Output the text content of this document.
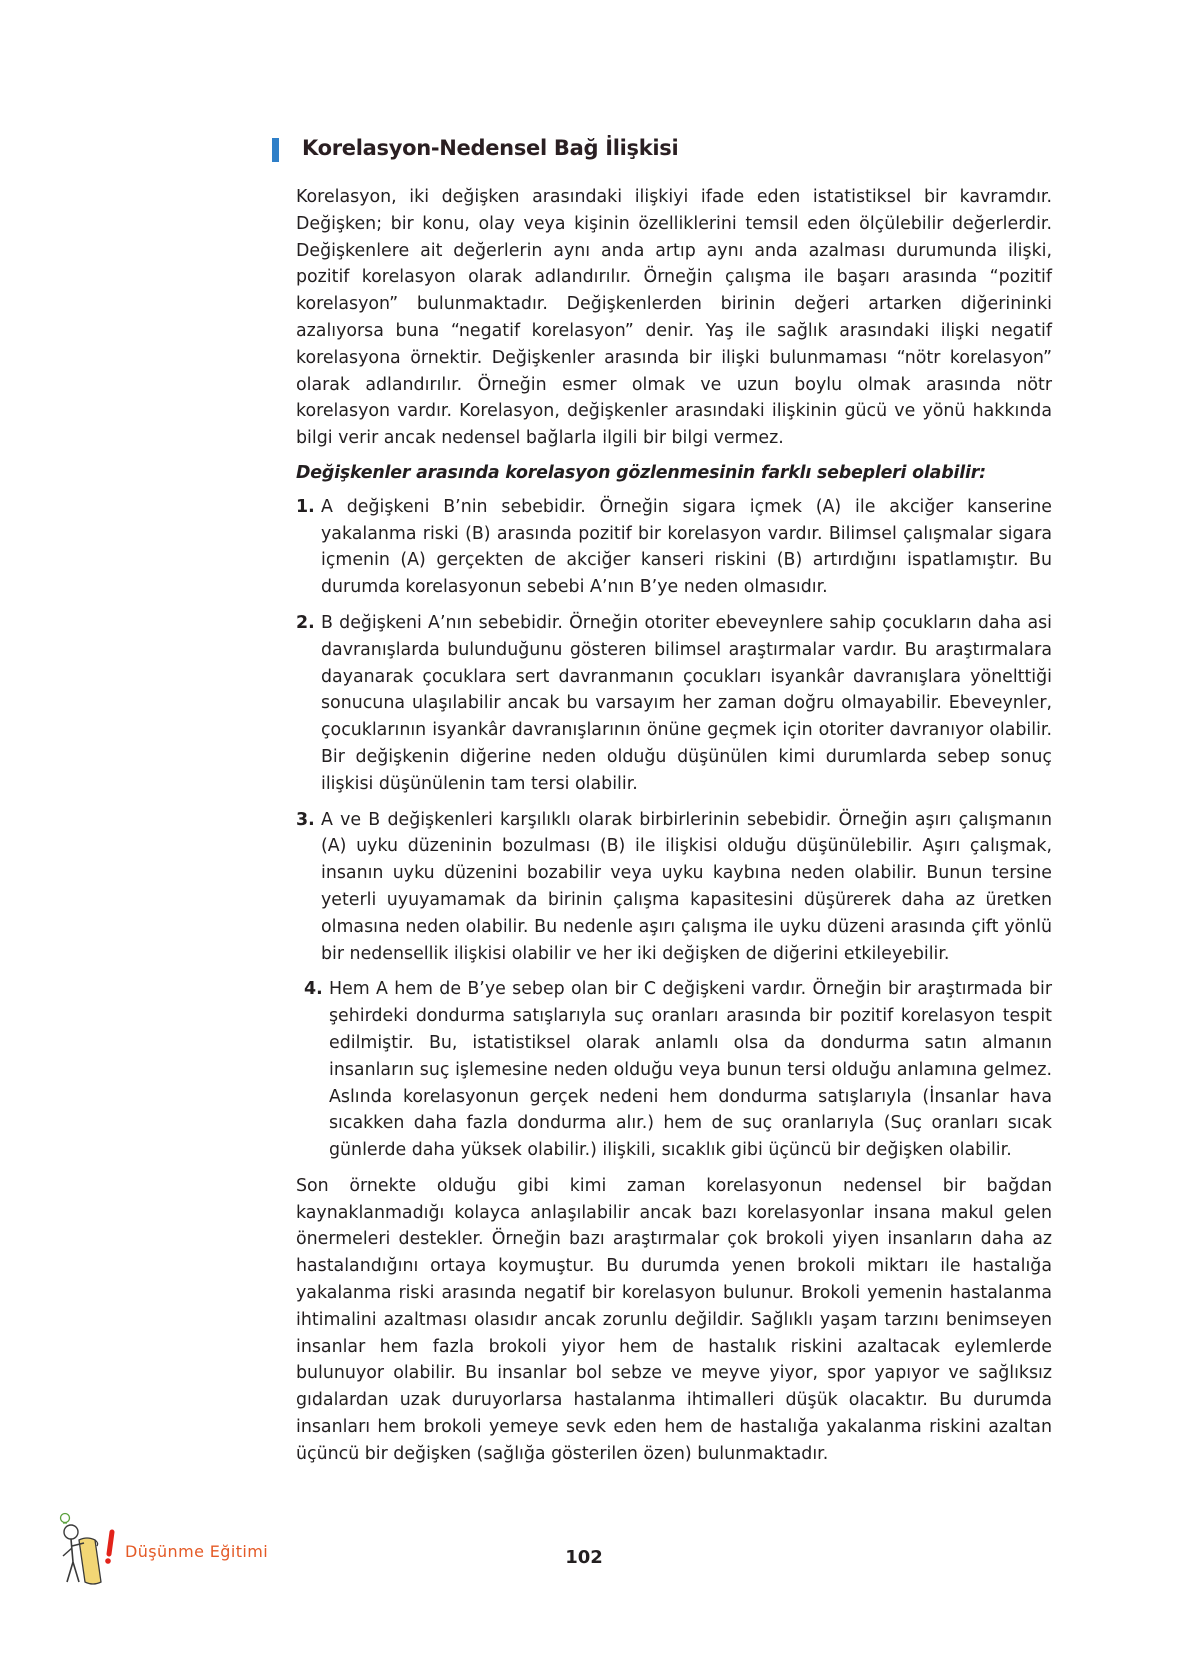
Korelasyon-Nedensel Bağ İlişkisi

Korelasyon, iki değişken arasındaki ilişkiyi ifade eden istatistiksel bir kavramdır. Değişken; bir konu, olay veya kişinin özelliklerini temsil eden ölçülebilir değerlerdir. Değişkenlere ait değerlerin aynı anda artıp aynı anda azalması durumunda ilişki, pozitif korelasyon olarak adlandırılır. Örneğin çalışma ile başarı arasında “pozitif korelasyon” bulunmaktadır. Değişkenlerden birinin değeri artarken diğerininki azalıyorsa buna “negatif korelasyon” denir. Yaş ile sağlık arasındaki ilişki negatif korelasyona örnektir. Değişkenler arasında bir ilişki bulunmaması “nötr korelasyon” olarak adlandırılır. Örneğin esmer olmak ve uzun boylu olmak arasında nötr korelasyon vardır. Korelasyon, değişkenler arasındaki ilişkinin gücü ve yönü hakkında bilgi verir ancak nedensel bağlarla ilgili bir bilgi vermez.

Değişkenler arasında korelasyon gözlenmesinin farklı sebepleri olabilir:

1. A değişkeni B’nin sebebidir. Örneğin sigara içmek (A) ile akciğer kanserine yakalanma riski (B) arasında pozitif bir korelasyon vardır. Bilimsel çalışmalar sigara içmenin (A) gerçekten de akciğer kanseri riskini (B) artırdığını ispatlamıştır. Bu durumda korelasyonun sebebi A’nın B’ye neden olmasıdır.
2. B değişkeni A’nın sebebidir. Örneğin otoriter ebeveynlere sahip çocukların daha asi davranışlarda bulunduğunu gösteren bilimsel araştırmalar vardır. Bu araştırmalara dayanarak çocuklara sert davranmanın çocukları isyankâr davranışlara yönelttiği sonucuna ulaşılabilir ancak bu varsayım her zaman doğru olmayabilir. Ebeveynler, çocuklarının isyankâr davranışlarının önüne geçmek için otoriter davranıyor olabilir. Bir değişkenin diğerine neden olduğu düşünülen kimi durumlarda sebep sonuç ilişkisi düşünülenin tam tersi olabilir.
3. A ve B değişkenleri karşılıklı olarak birbirlerinin sebebidir. Örneğin aşırı çalışmanın (A) uyku düzeninin bozulması (B) ile ilişkisi olduğu düşünülebilir. Aşırı çalışmak, insanın uyku düzenini bozabilir veya uyku kaybına neden olabilir. Bunun tersine yeterli uyuyamamak da birinin çalışma kapasitesini düşürerek daha az üretken olmasına neden olabilir. Bu nedenle aşırı çalışma ile uyku düzeni arasında çift yönlü bir nedensellik ilişkisi olabilir ve her iki değişken de diğerini etkileyebilir.
4. Hem A hem de B’ye sebep olan bir C değişkeni vardır. Örneğin bir araştırmada bir şehirdeki dondurma satışlarıyla suç oranları arasında bir pozitif korelasyon tespit edilmiştir. Bu, istatistiksel olarak anlamlı olsa da dondurma satın almanın insanların suç işlemesine neden olduğu veya bunun tersi olduğu anlamına gelmez. Aslında korelasyonun gerçek nedeni hem dondurma satışlarıyla (İnsanlar hava sıcakken daha fazla dondurma alır.) hem de suç oranlarıyla (Suç oranları sıcak günlerde daha yüksek olabilir.) ilişkili, sıcaklık gibi üçüncü bir değişken olabilir.

Son örnekte olduğu gibi kimi zaman korelasyonun nedensel bir bağdan kaynaklanmadığı kolayca anlaşılabilir ancak bazı korelasyonlar insana makul gelen önermeleri destekler. Örneğin bazı araştırmalar çok brokoli yiyen insanların daha az hastalandığını ortaya koymuştur. Bu durumda yenen brokoli miktarı ile hastalığa yakalanma riski arasında negatif bir korelasyon bulunur. Brokoli yemenin hastalanma ihtimalini azaltması olasıdır ancak zorunlu değildir. Sağlıklı yaşam tarzını benimseyen insanlar hem fazla brokoli yiyor hem de hastalık riskini azaltacak eylemlerde bulunuyor olabilir. Bu insanlar bol sebze ve meyve yiyor, spor yapıyor ve sağlıksız gıdalardan uzak duruyorlarsa hastalanma ihtimalleri düşük olacaktır. Bu durumda insanları hem brokoli yemeye sevk eden hem de hastalığa yakalanma riskini azaltan üçüncü bir değişken (sağlığa gösterilen özen) bulunmaktadır.

Düşünme Eğitimi	102
